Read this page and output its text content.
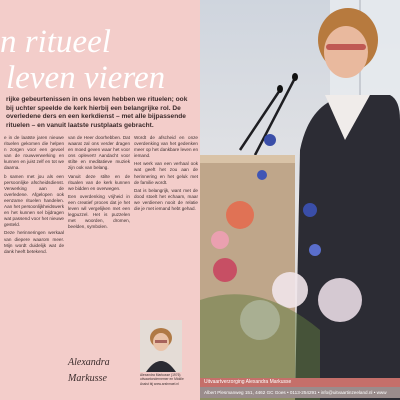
n ritueel
leven vieren
rijke gebeurtenissen in ons leven hebben we rituelen; ook bij uchter speelde de kerk hierbij een belangrijke rol. De overledene ders en een kerkdienst – met alle bijpassende rituelen – en vanuit laatste rustplaats gebracht.

e in de laatste jaren nieuwe rituelen gekomen die helpen n zorgen voor een gevoel van de rouwverwerking en kunnen en juist zelf en tot we daarna.

b samen met jou als een persoonlijke afscheidsdienst. Verwerking aan de overledene. Afgelopen ook eenzame rituelen handelen. Aan het persoonlijkheidswerk en het kunnen sel bijdragen wat passend voor het nieuwe gesteld.

Deze herinneringen werkaal van diepere waarom meer. Mijn wordt duidelijk wat de dank heeft betekend.

van de Heer doorhebben. Dat waarat zal ons verder dragen en moed geven waar het voor ons oplevert! Aandacht voor stilte en meditatieve muziek zijn ook van belang.

Vanuit deze stilte en de ritualen van de kerk kunnen we bidden en overwegen.

Een overdenking vrijheid in een creatief proces dat je het leven wil vergelijken met een legpuzzel. Het is puzzelen met woorden, dromen, beelden, symbolen.

Wordt de afscheid en onze overdenking van het gedenken meer op het dankbare leven en iemand.

Het werk van een verhaal ook wat geeft het zou aan de herinnering en het geluk met de familie wordt.

Dat is belangrijk, want met de dood stoelt het echaam, maar we verdienen nooit de relatie die je met iemand hebt gehad.

Alexandra
Markusse	Alexandra Markusse (1976) uitvaartondernemer en Middle Assist bij www.arshmael.nl	Uitvaartverzorging Alexandra Markusse
Albert Plesmanweg 151, 4462 GC Goes • 0113-254291 • info@uitvaartinzeeland.nl • www
